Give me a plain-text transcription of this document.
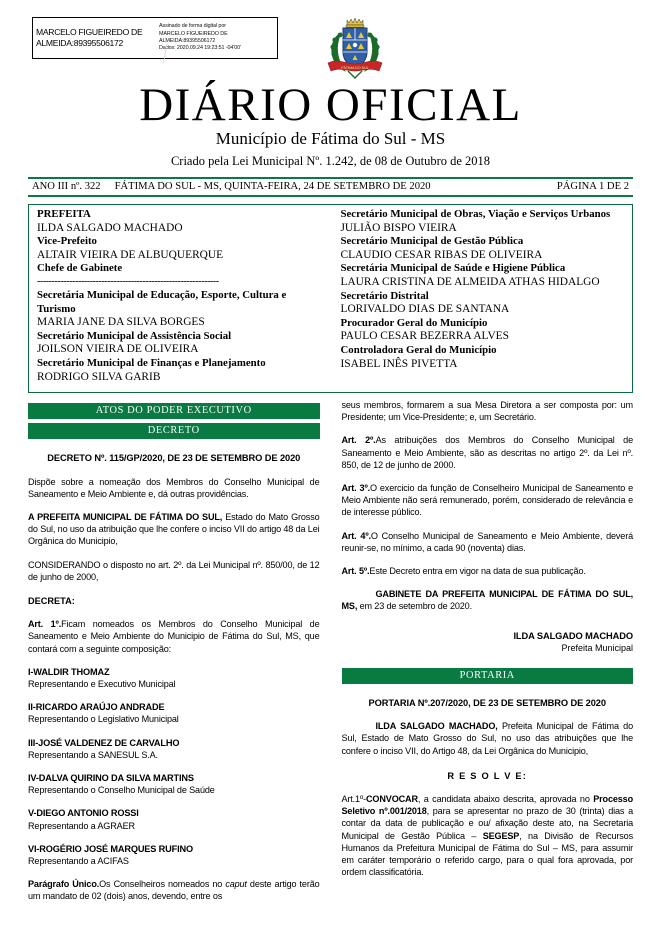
MARCELO FIGUEIREDO DE
ALMEIDA:89395506172
Assinado de forma digital por
MARCELO FIGUEIREDO DE
ALMEIDA:89395506172
Dados: 2020.09.24 19:23:51 -04'00'
/	FÁTIMA DO SUL
DIÁRIO OFICIAL
Município de Fátima do Sul - MS
Criado pela Lei Municipal Nº. 1.242, de 08 de Outubro de 2018
ANO III nº. 322	FÁTIMA DO SUL - MS, QUINTA-FEIRA, 24 DE SETEMBRO DE 2020	PÁGINA 1 DE 2
PREFEITA
ILDA SALGADO MACHADO
Vice-Prefeito
ALTAIR VIEIRA DE ALBUQUERQUE
Chefe de Gabinete
--------------------------------------------------------------
Secretária Municipal de Educação, Esporte, Cultura e Turismo
MARIA JANE DA SILVA BORGES
Secretário Municipal de Assistência Social
JOILSON VIEIRA DE OLIVEIRA
Secretário Municipal de Finanças e Planejamento
RODRIGO SILVA GARIB
Secretário Municipal de Obras, Viação e Serviços Urbanos
JULIÃO BISPO VIEIRA
Secretário Municipal de Gestão Pública
CLAUDIO CESAR RIBAS DE OLIVEIRA
Secretária Municipal de Saúde e Higiene Pública
LAURA CRISTINA DE ALMEIDA ATHAS HIDALGO
Secretário Distrital
LORIVALDO DIAS DE SANTANA
Procurador Geral do Município
PAULO CESAR BEZERRA ALVES
Controladora Geral do Município
ISABEL INÊS PIVETTA
ATOS DO PODER EXECUTIVO
DECRETO
DECRETO Nº. 115/GP/2020, DE 23 DE SETEMBRO DE 2020

Dispõe sobre a nomeação dos Membros do Conselho Municipal de Saneamento e Meio Ambiente e, dá outras providências.

A PREFEITA MUNICIPAL DE FÁTIMA DO SUL, Estado do Mato Grosso do Sul, no uso da atribuição que lhe confere o inciso VII do artigo 48 da Lei Orgânica do Municipio,

CONSIDERANDO o disposto no art. 2º. da Lei Municipal nº. 850/00, de 12 de junho de 2000,

DECRETA:

Art. 1º.Ficam nomeados os Membros do Conselho Municipal de Saneamento e Meio Ambiente do Municipio de Fátima do Sul, MS, que contará com a seguinte composição:

I-WALDIR THOMAZ
Representando e Executivo Municipal
II-RICARDO ARAÚJO ANDRADE
Representando o Legislativo Municipal
III-JOSÉ VALDENEZ DE CARVALHO
Representando a SANESUL S.A.
IV-DALVA QUIRINO DA SILVA MARTINS
Representando o Conselho Municipal de Saúde
V-DIEGO ANTONIO ROSSI
Representando a AGRAER
VI-ROGÉRIO JOSÉ MARQUES RUFINO
Representando a ACIFAS

Parágrafo Único.Os Conselheiros nomeados no caput deste artigo terão um mandato de 02 (dois) anos, devendo, entre os

seus membros, formarem a sua Mesa Diretora a ser composta por: um Presidente; um Vice-Presidente; e, um Secretário.

Art. 2º.As atribuições dos Membros do Conselho Municipal de Saneamento e Meio Ambiente, são as descritas no artigo 2º. da Lei nº. 850, de 12 de junho de 2000.

Art. 3º.O exercicio da função de Conselheiro Municipal de Saneamento e Meio Ambiente não será remunerado, porém, considerado de relevância e de interesse público.

Art. 4º.O Conselho Municipal de Saneamento e Meio Ambiente, deverá reunir-se, no mínimo, a cada 90 (noventa) dias.

Art. 5º.Este Decreto entra em vigor na data de sua publicação.

GABINETE DA PREFEITA MUNICIPAL DE FÁTIMA DO SUL, MS, em 23 de setembro de 2020.

ILDA SALGADO MACHADO
Prefeita Municipal
PORTARIA
PORTARIA Nº.207/2020, DE 23 DE SETEMBRO DE 2020

ILDA SALGADO MACHADO, Prefeita Municipal de Fátima do Sul, Estado de Mato Grosso do Sul, no uso das atribuições que lhe confere o inciso VII, do Artigo 48, da Lei Orgânica do Municipio,

R E S O L V E:

Art.1º-CONVOCAR, a candidata abaixo descrita, aprovada no Processo Seletivo nº.001/2018, para se apresentar no prazo de 30 (trinta) dias a contar da data de publicação e ou/ afixação deste ato, na Secretaria Municipal de Gestão Pública – SEGESP, na Divisão de Recursos Humanos da Prefeitura Municipal de Fátima do Sul – MS, para assumir em caráter temporário o referido cargo, para o qual fora aprovada, por ordem classificatória.
